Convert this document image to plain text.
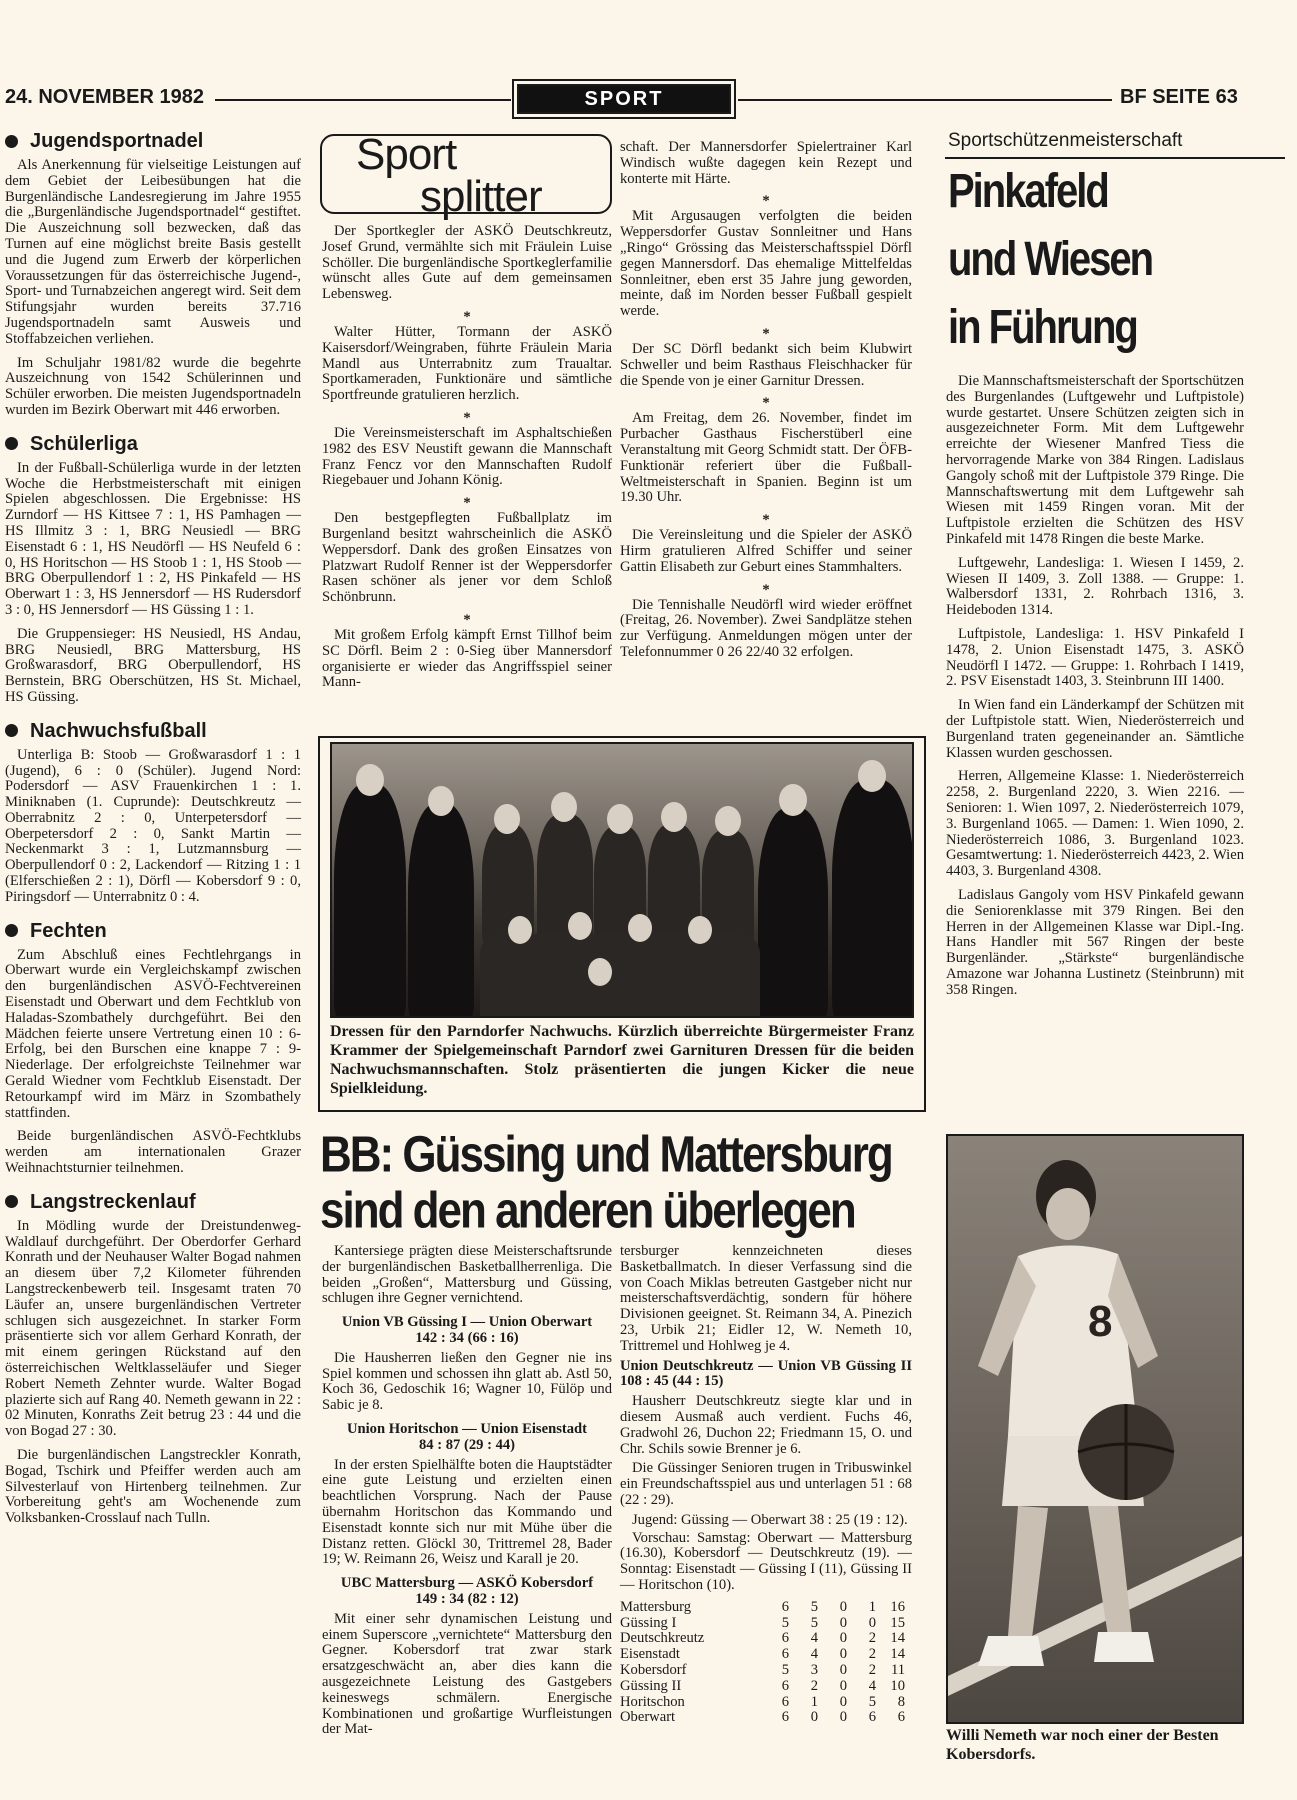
24. NOVEMBER 1982	SPORT	BF SEITE 63
Jugendsportnadel

Als Anerkennung für vielseitige Leistungen auf dem Gebiet der Leibesübungen hat die Burgenländische Landesregierung im Jahre 1955 die „Burgenländische Jugendsportnadel“ gestiftet. Die Auszeichnung soll bezwecken, daß das Turnen auf eine möglichst breite Basis gestellt und die Jugend zum Erwerb der körperlichen Voraussetzungen für das österreichische Jugend-, Sport- und Turnabzeichen angeregt wird. Seit dem Stifungsjahr wurden bereits 37.716 Jugendsportnadeln samt Ausweis und Stoffabzeichen verliehen.

Im Schuljahr 1981/82 wurde die begehrte Auszeichnung von 1542 Schülerinnen und Schüler erworben. Die meisten Jugendsportnadeln wurden im Bezirk Oberwart mit 446 erworben.

Schülerliga

In der Fußball-Schülerliga wurde in der letzten Woche die Herbstmeisterschaft mit einigen Spielen abgeschlossen. Die Ergebnisse: HS Zurndorf — HS Kittsee 7 : 1, HS Pamhagen — HS Illmitz 3 : 1, BRG Neusiedl — BRG Eisenstadt 6 : 1, HS Neudörfl — HS Neufeld 6 : 0, HS Horitschon — HS Stoob 1 : 1, HS Stoob — BRG Oberpullendorf 1 : 2, HS Pinkafeld — HS Oberwart 1 : 3, HS Jennersdorf — HS Rudersdorf 3 : 0, HS Jennersdorf — HS Güssing 1 : 1.

Die Gruppensieger: HS Neusiedl, HS Andau, BRG Neusiedl, BRG Mattersburg, HS Großwarasdorf, BRG Oberpullendorf, HS Bernstein, BRG Oberschützen, HS St. Michael, HS Güssing.

Nachwuchsfußball

Unterliga B: Stoob — Großwarasdorf 1 : 1 (Jugend), 6 : 0 (Schüler). Jugend Nord: Podersdorf — ASV Frauenkirchen 1 : 1. Miniknaben (1. Cuprunde): Deutschkreutz — Oberrabnitz 2 : 0, Unterpetersdorf — Oberpetersdorf 2 : 0, Sankt Martin — Neckenmarkt 3 : 1, Lutzmannsburg — Oberpullendorf 0 : 2, Lackendorf — Ritzing 1 : 1 (Elferschießen 2 : 1), Dörfl — Kobersdorf 9 : 0, Piringsdorf — Unterrabnitz 0 : 4.

Fechten

Zum Abschluß eines Fechtlehrgangs in Oberwart wurde ein Vergleichskampf zwischen den burgenländischen ASVÖ-Fechtvereinen Eisenstadt und Oberwart und dem Fechtklub von Haladas-Szombathely durchgeführt. Bei den Mädchen feierte unsere Vertretung einen 10 : 6-Erfolg, bei den Burschen eine knappe 7 : 9-Niederlage. Der erfolgreichste Teilnehmer war Gerald Wiedner vom Fechtklub Eisenstadt. Der Retourkampf wird im März in Szombathely stattfinden.

Beide burgenländischen ASVÖ-Fechtklubs werden am internationalen Grazer Weihnachtsturnier teilnehmen.

Langstreckenlauf

In Mödling wurde der Dreistundenweg-Waldlauf durchgeführt. Der Oberdorfer Gerhard Konrath und der Neuhauser Walter Bogad nahmen an diesem über 7,2 Kilometer führenden Langstreckenbewerb teil. Insgesamt traten 70 Läufer an, unsere burgenländischen Vertreter schlugen sich ausgezeichnet. In starker Form präsentierte sich vor allem Gerhard Konrath, der mit einem geringen Rückstand auf den österreichischen Weltklasseläufer und Sieger Robert Nemeth Zehnter wurde. Walter Bogad plazierte sich auf Rang 40. Nemeth gewann in 22 : 02 Minuten, Konraths Zeit betrug 23 : 44 und die von Bogad 27 : 30.

Die burgenländischen Langstreckler Konrath, Bogad, Tschirk und Pfeiffer werden auch am Silvesterlauf von Hirtenberg teilnehmen. Zur Vorbereitung geht's am Wochenende zum Volksbanken-Crosslauf nach Tulln.

Sport
splitter

Der Sportkegler der ASKÖ Deutschkreutz, Josef Grund, vermählte sich mit Fräulein Luise Schöller. Die burgenländische Sportkeglerfamilie wünscht alles Gute auf dem gemeinsamen Lebensweg.

*

Walter Hütter, Tormann der ASKÖ Kaisersdorf/Weingraben, führte Fräulein Maria Mandl aus Unterrabnitz zum Traualtar. Sportkameraden, Funktionäre und sämtliche Sportfreunde gratulieren herzlich.

*

Die Vereinsmeisterschaft im Asphaltschießen 1982 des ESV Neustift gewann die Mannschaft Franz Fencz vor den Mannschaften Rudolf Riegebauer und Johann König.

*

Den bestgepflegten Fußballplatz im Burgenland besitzt wahrscheinlich die ASKÖ Weppersdorf. Dank des großen Einsatzes von Platzwart Rudolf Renner ist der Weppersdorfer Rasen schöner als jener vor dem Schloß Schönbrunn.

*

Mit großem Erfolg kämpft Ernst Tillhof beim SC Dörfl. Beim 2 : 0-Sieg über Mannersdorf organisierte er wieder das Angriffsspiel seiner Mann-

schaft. Der Mannersdorfer Spielertrainer Karl Windisch wußte dagegen kein Rezept und konterte mit Härte.

*

Mit Argusaugen verfolgten die beiden Weppersdorfer Gustav Sonnleitner und Hans „Ringo“ Grössing das Meisterschaftsspiel Dörfl gegen Mannersdorf. Das ehemalige Mittelfeldas Sonnleitner, eben erst 35 Jahre jung geworden, meinte, daß im Norden besser Fußball gespielt werde.

*

Der SC Dörfl bedankt sich beim Klubwirt Schweller und beim Rasthaus Fleischhacker für die Spende von je einer Garnitur Dressen.

*

Am Freitag, dem 26. November, findet im Purbacher Gasthaus Fischerstüberl eine Veranstaltung mit Georg Schmidt statt. Der ÖFB-Funktionär referiert über die Fußball-Weltmeisterschaft in Spanien. Beginn ist um 19.30 Uhr.

*

Die Vereinsleitung und die Spieler der ASKÖ Hirm gratulieren Alfred Schiffer und seiner Gattin Elisabeth zur Geburt eines Stammhalters.

*

Die Tennishalle Neudörfl wird wieder eröffnet (Freitag, 26. November). Zwei Sandplätze stehen zur Verfügung. Anmeldungen mögen unter der Telefonnummer 0 26 22/40 32 erfolgen.

Dressen für den Parndorfer Nachwuchs. Kürzlich überreichte Bürgermeister Franz Krammer der Spielgemeinschaft Parndorf zwei Garnituren Dressen für die beiden Nachwuchsmannschaften. Stolz präsentierten die jungen Kicker die neue Spielkleidung.
BB: Güssing und Mattersburg
sind den anderen überlegen

Kantersiege prägten diese Meisterschaftsrunde der burgenländischen Basketballherrenliga. Die beiden „Großen“, Mattersburg und Güssing, schlugen ihre Gegner vernichtend.

Union VB Güssing I — Union Oberwart
142 : 34 (66 : 16)

Die Hausherren ließen den Gegner nie ins Spiel kommen und schossen ihn glatt ab. Astl 50, Koch 36, Gedoschik 16; Wagner 10, Fülöp und Sabic je 8.

Union Horitschon — Union Eisenstadt
84 : 87 (29 : 44)

In der ersten Spielhälfte boten die Hauptstädter eine gute Leistung und erzielten einen beachtlichen Vorsprung. Nach der Pause übernahm Horitschon das Kommando und Eisenstadt konnte sich nur mit Mühe über die Distanz retten. Glöckl 30, Trittremel 28, Bader 19; W. Reimann 26, Weisz und Karall je 20.

UBC Mattersburg — ASKÖ Kobersdorf
149 : 34 (82 : 12)

Mit einer sehr dynamischen Leistung und einem Superscore „vernichtete“ Mattersburg den Gegner. Kobersdorf trat zwar stark ersatzgeschwächt an, aber dies kann die ausgezeichnete Leistung des Gastgebers keineswegs schmälern. Energische Kombinationen und großartige Wurfleistungen der Mat-

tersburger kennzeichneten dieses Basketballmatch. In dieser Verfassung sind die von Coach Miklas betreuten Gastgeber nicht nur meisterschaftsverdächtig, sondern für höhere Divisionen geeignet. St. Reimann 34, A. Pinezich 23, Urbik 21; Eidler 12, W. Nemeth 10, Trittremel und Hohlweg je 4.

Union Deutschkreutz — Union VB Güssing II 108 : 45 (44 : 15)

Hausherr Deutschkreutz siegte klar und in diesem Ausmaß auch verdient. Fuchs 46, Gradwohl 26, Duchon 22; Friedmann 15, O. und Chr. Schils sowie Brenner je 6.

Die Güssinger Senioren trugen in Tribuswinkel ein Freundschaftsspiel aus und unterlagen 51 : 68 (22 : 29).

Jugend: Güssing — Oberwart 38 : 25 (19 : 12).

Vorschau: Samstag: Oberwart — Mattersburg (16.30), Kobersdorf — Deutschkreutz (19). — Sonntag: Eisenstadt — Güssing I (11), Güssing II — Horitschon (10).

Mattersburg	6	5	0	1	16
Güssing I	5	5	0	0	15
Deutschkreutz	6	4	0	2	14
Eisenstadt	6	4	0	2	14
Kobersdorf	5	3	0	2	11
Güssing II	6	2	0	4	10
Horitschon	6	1	0	5	8
Oberwart	6	0	0	6	6
Sportschützenmeisterschaft
Pinkafeld
und Wiesen
in Führung

Die Mannschaftsmeisterschaft der Sportschützen des Burgenlandes (Luftgewehr und Luftpistole) wurde gestartet. Unsere Schützen zeigten sich in ausgezeichneter Form. Mit dem Luftgewehr erreichte der Wiesener Manfred Tiess die hervorragende Marke von 384 Ringen. Ladislaus Gangoly schoß mit der Luftpistole 379 Ringe. Die Mannschaftswertung mit dem Luftgewehr sah Wiesen mit 1459 Ringen voran. Mit der Luftpistole erzielten die Schützen des HSV Pinkafeld mit 1478 Ringen die beste Marke.

Luftgewehr, Landesliga: 1. Wiesen I 1459, 2. Wiesen II 1409, 3. Zoll 1388. — Gruppe: 1. Walbersdorf 1331, 2. Rohrbach 1316, 3. Heideboden 1314.

Luftpistole, Landesliga: 1. HSV Pinkafeld I 1478, 2. Union Eisenstadt 1475, 3. ASKÖ Neudörfl I 1472. — Gruppe: 1. Rohrbach I 1419, 2. PSV Eisenstadt 1403, 3. Steinbrunn III 1400.

In Wien fand ein Länderkampf der Schützen mit der Luftpistole statt. Wien, Niederösterreich und Burgenland traten gegeneinander an. Sämtliche Klassen wurden geschossen.

Herren, Allgemeine Klasse: 1. Niederösterreich 2258, 2. Burgenland 2220, 3. Wien 2216. — Senioren: 1. Wien 1097, 2. Niederösterreich 1079, 3. Burgenland 1065. — Damen: 1. Wien 1090, 2. Niederösterreich 1086, 3. Burgenland 1023. Gesamtwertung: 1. Niederösterreich 4423, 2. Wien 4403, 3. Burgenland 4308.

Ladislaus Gangoly vom HSV Pinkafeld gewann die Seniorenklasse mit 379 Ringen. Bei den Herren in der Allgemeinen Klasse war Dipl.-Ing. Hans Handler mit 567 Ringen der beste Burgenländer. „Stärkste“ burgenländische Amazone war Johanna Lustinetz (Steinbrunn) mit 358 Ringen.

8
Willi Nemeth war noch einer der Besten Kobersdorfs.
